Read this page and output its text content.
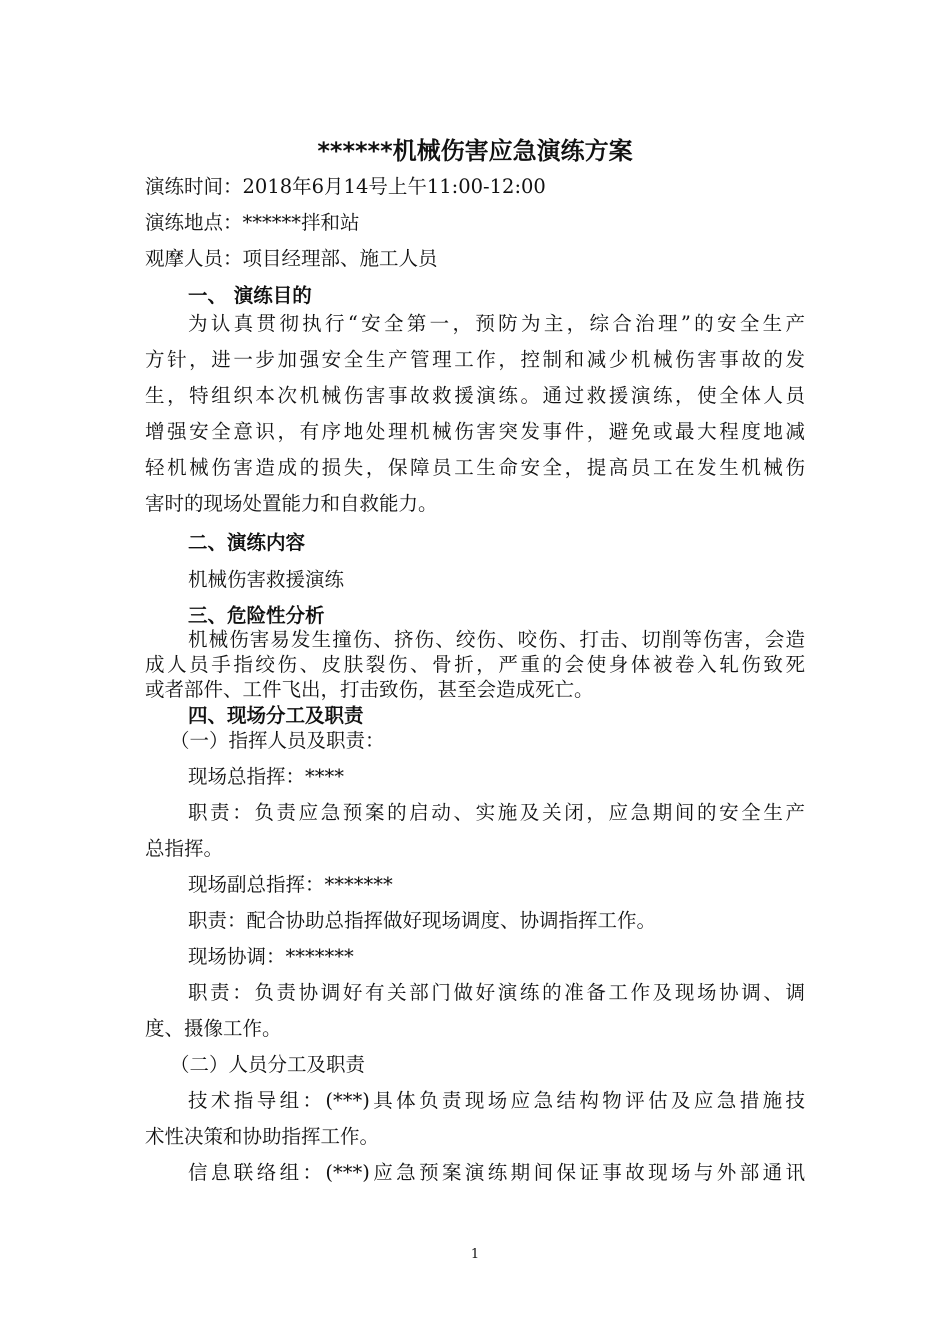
******机械伤害应急演练方案
演练时间：2018年6月14号上午11:00-12:00
演练地点：******拌和站
观摩人员：项目经理部、施工人员
一、 演练目的
为认真贯彻执行“安全第一，预防为主，综合治理”的安全生产
方针，进一步加强安全生产管理工作，控制和减少机械伤害事故的发
生，特组织本次机械伤害事故救援演练。通过救援演练，使全体人员
增强安全意识，有序地处理机械伤害突发事件，避免或最大程度地减
轻机械伤害造成的损失，保障员工生命安全，提高员工在发生机械伤
害时的现场处置能力和自救能力。
二、演练内容
机械伤害救援演练
三、危险性分析
机械伤害易发生撞伤、挤伤、绞伤、咬伤、打击、切削等伤害，会造
成人员手指绞伤、皮肤裂伤、骨折，严重的会使身体被卷入轧伤致死
或者部件、工件飞出，打击致伤，甚至会造成死亡。
四、现场分工及职责
（一）指挥人员及职责：
现场总指挥：****
职责：负责应急预案的启动、实施及关闭，应急期间的安全生产
总指挥。
现场副总指挥：*******
职责：配合协助总指挥做好现场调度、协调指挥工作。
现场协调：*******
职责：负责协调好有关部门做好演练的准备工作及现场协调、调
度、摄像工作。
（二）人员分工及职责
技术指导组：(***)具体负责现场应急结构物评估及应急措施技
术性决策和协助指挥工作。
信息联络组：(***)应急预案演练期间保证事故现场与外部通讯
1
